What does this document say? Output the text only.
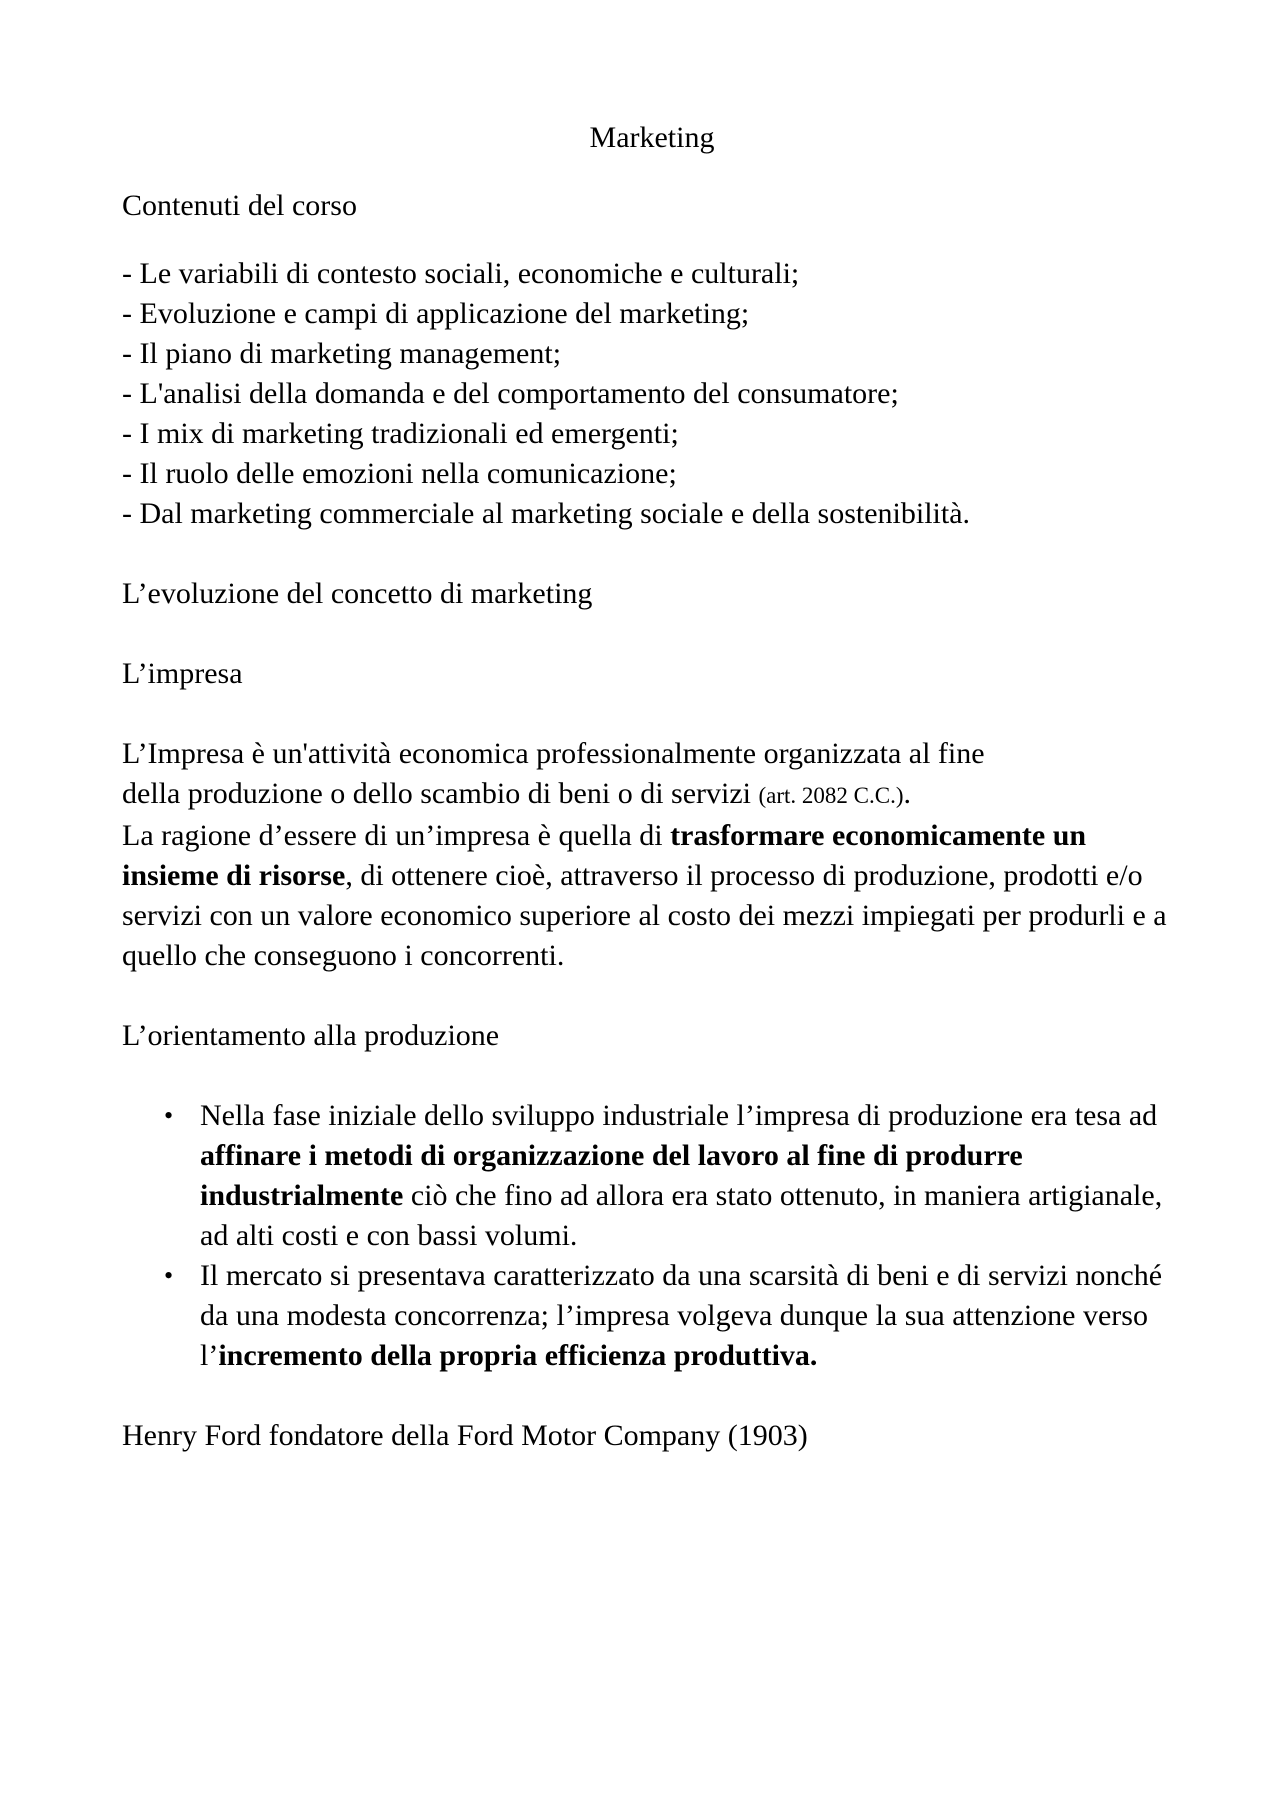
Marketing
Contenuti del corso
- Le variabili di contesto sociali, economiche e culturali;
- Evoluzione e campi di applicazione del marketing;
- Il piano di marketing management;
- L'analisi della domanda e del comportamento del consumatore;
- I mix di marketing tradizionali ed emergenti;
- Il ruolo delle emozioni nella comunicazione;
- Dal marketing commerciale al marketing sociale e della sostenibilità.
L’evoluzione del concetto di marketing
L’impresa

L’Impresa è un'attività economica professionalmente organizzata al fine
della produzione o dello scambio di beni o di servizi (art. 2082 C.C.).
La ragione d’essere di un’impresa è quella di trasformare economicamente un insieme di risorse, di ottenere cioè, attraverso il processo di produzione, prodotti e/o servizi con un valore economico superiore al costo dei mezzi impiegati per produrli e a quello che conseguono i concorrenti.

L’orientamento alla produzione
• Nella fase iniziale dello sviluppo industriale l’impresa di produzione era tesa ad affinare i metodi di organizzazione del lavoro al fine di produrre industrialmente ciò che fino ad allora era stato ottenuto, in maniera artigianale, ad alti costi e con bassi volumi.
• Il mercato si presentava caratterizzato da una scarsità di beni e di servizi nonché da una modesta concorrenza; l’impresa volgeva dunque la sua attenzione verso l’incremento della propria efficienza produttiva.

Henry Ford fondatore della Ford Motor Company (1903)
